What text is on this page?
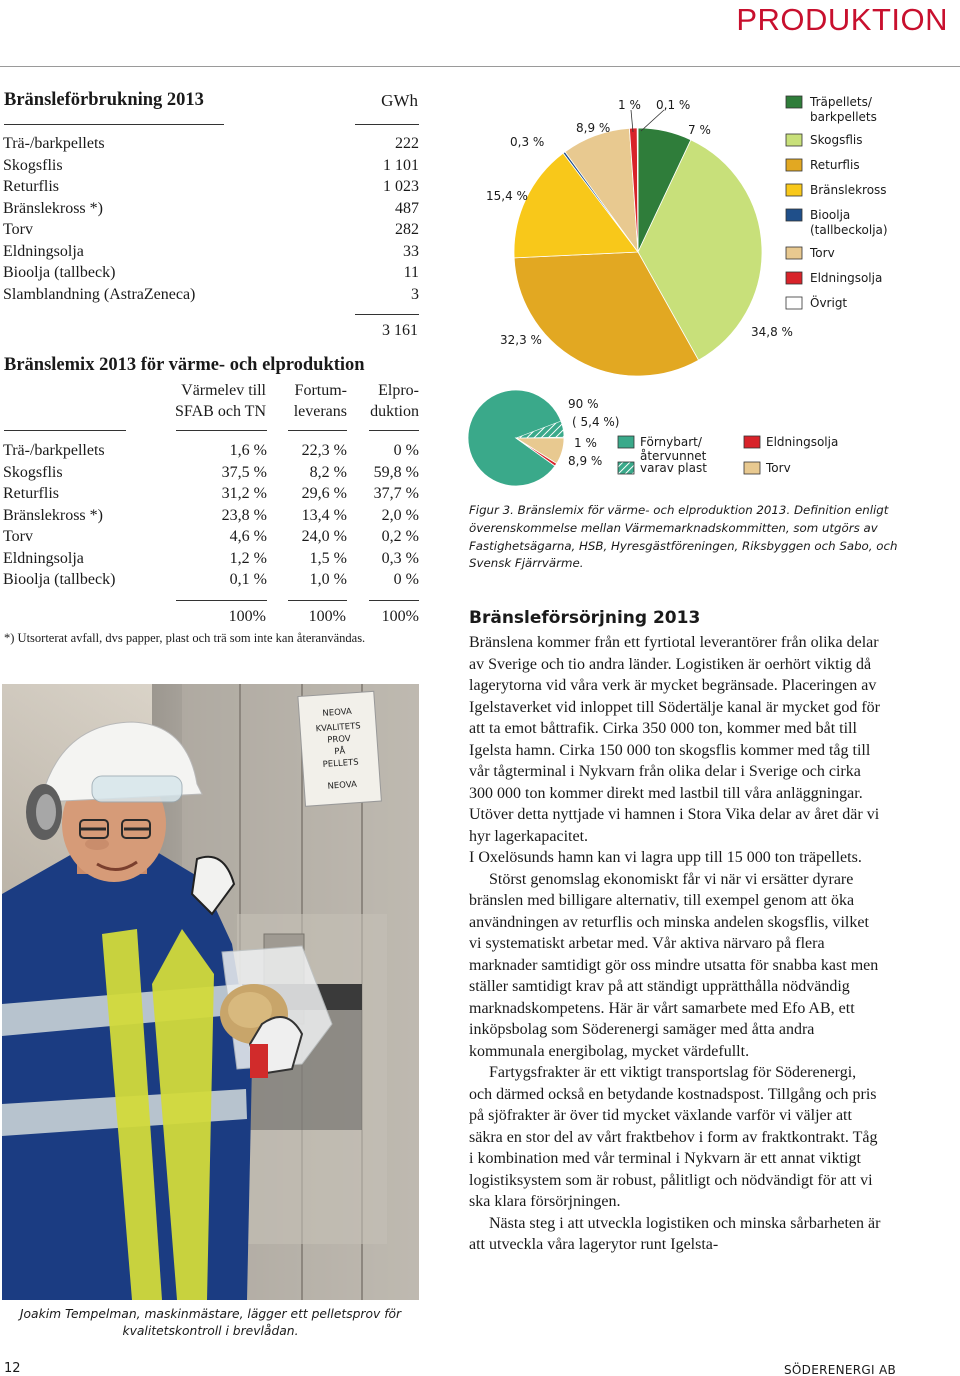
PRODUKTION
Bränsleförbrukning 2013	GWh
Trä-/barkpellets	222
Skogsflis	1 101
Returflis	1 023
Bränslekross *)	487
Torv	282
Eldningsolja	33
Bioolja (tallbeck)	11
Slamblandning (AstraZeneca)	3
3 161
Bränslemix 2013 för värme- och elproduktion
Värmelev till
SFAB och TN
Fortum-
leverans
Elpro-
duktion
Trä-/barkpellets	1,6 % 22,3 %	0 %
Skogsflis	37,5 %	8,2 % 59,8 %
Returflis	31,2 % 29,6 % 37,7 %
Bränslekross *)	23,8 % 13,4 % 2,0 %
Torv	4,6 % 24,0 % 0,2 %
Eldningsolja	1,2 %	1,5 % 0,3 %
Bioolja (tallbeck)	0,1 %	1,0 %	0 %
100%	100%	100%
*) Utsorterat avfall, dvs papper, plast och trä som inte kan återanvändas.
NEOVA
KVALITETS
PROV
PÅ
PELLETS
NEOVA
Joakim Tempelman, maskinmästare, lägger ett pelletsprov för kvalitetskontroll i brevlådan.
7 %
34,8 %
32,3 %
15,4 %
0,3 %
8,9 %
1 % 0,1 %	Träpellets/
barkpellets
Skogsflis
Returflis
Bränslekross
Bioolja
(tallbeckolja)
Torv
Eldningsolja
Övrigt
90 %
( 5,4 %)
1 %
8,9 %
Förnybart/
återvunnet
varav plast
Eldningsolja
Torv
Figur 3. Bränslemix för värme- och elproduktion 2013. Definition enligt överenskommelse mellan Värmemarknadskommitten, som utgörs av Fastighetsägarna, HSB, Hyresgästföreningen, Riksbyggen och Sabo, och Svensk Fjärrvärme.
Bränsleförsörjning 2013

Bränslena kommer från ett fyrtiotal leverantörer från olika delar av Sverige och tio andra länder. Logistiken är oerhört viktig då lagerytorna vid våra verk är mycket begränsade. Placeringen av Igelstaverket vid inloppet till Södertälje kanal är mycket god för att ta emot båttrafik. Cirka 350 000 ton, kommer med båt till Igelsta hamn. Cirka 150 000 ton skogsflis kommer med tåg till vår tågterminal i Nykvarn från olika delar i Sverige och cirka 300 000 ton kommer direkt med lastbil till våra anläggningar. Utöver detta nyttjade vi hamnen i Stora Vika delar av året där vi hyr lagerkapacitet.

I Oxelösunds hamn kan vi lagra upp till 15 000 ton träpellets.

Störst genomslag ekonomiskt får vi när vi ersätter dyrare bränslen med billigare alternativ, till exempel genom att öka användningen av returflis och minska andelen skogsflis, vilket vi systematiskt arbetar med. Vår aktiva närvaro på flera marknader samtidigt gör oss mindre utsatta för snabba kast men ställer samtidigt krav på att ständigt upprätthålla nödvändig marknadskompetens. Här är vårt samarbete med Efo AB, ett inköpsbolag som Söderenergi samäger med åtta andra kommunala energibolag, mycket värdefullt.

Fartygsfrakter är ett viktigt transportslag för Söderenergi, och därmed också en betydande kostnadspost. Tillgång och pris på sjöfrakter är över tid mycket växlande varför vi väljer att säkra en stor del av vårt fraktbehov i form av fraktkontrakt. Tåg i kombination med vår terminal i Nykvarn är ett annat viktigt logistiksystem som är robust, pålitligt och nödvändigt för att vi ska klara försörjningen.

Nästa steg i att utveckla logistiken och minska sårbarheten är att utveckla våra lagerytor runt Igelsta-

12	SÖDERENERGI AB
